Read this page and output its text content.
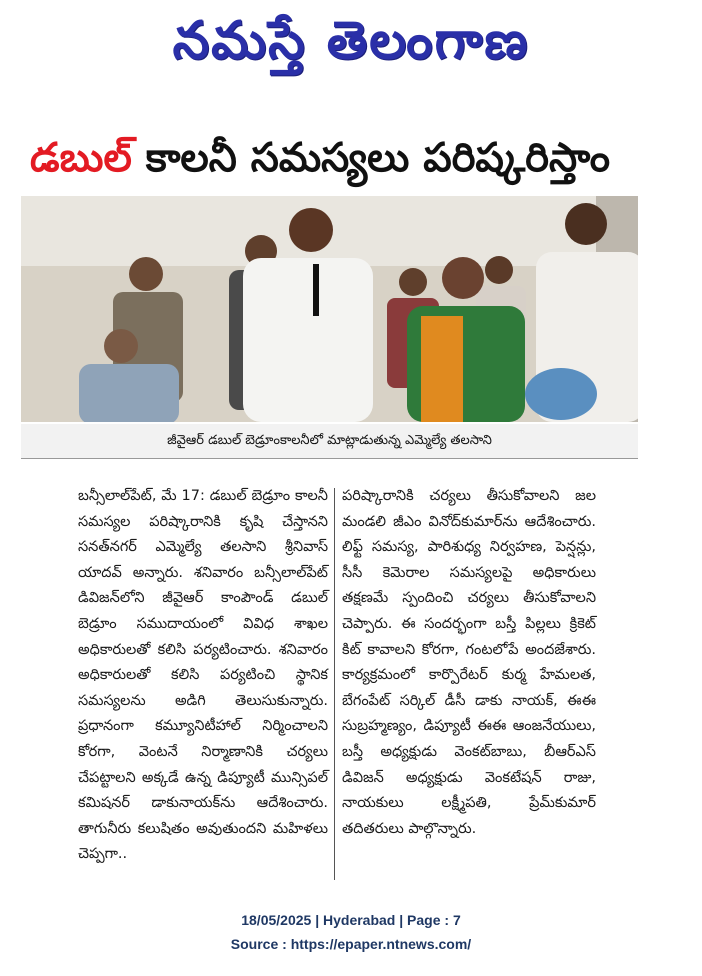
నమస్తే తెలంగాణ
డబుల్ కాలనీ సమస్యలు పరిష్కరిస్తాం
జీవైఆర్ డబుల్ బెడ్రూంకాలనీలో మాట్లాడుతున్న ఎమ్మెల్యే తలసాని
బన్సీలాల్‌పేట్, మే 17: డబుల్ బెడ్రూం కాలనీ సమస్యల పరిష్కారానికి కృషి చేస్తానని సనత్‌నగర్ ఎమ్మెల్యే తలసాని శ్రీనివాస్ యాదవ్ అన్నారు. శనివారం బన్సీలాల్‌పేట్ డివిజన్‌లోని జీవైఆర్ కాంపౌండ్ డబుల్ బెడ్రూం సముదాయంలో వివిధ శాఖల అధికారులతో కలిసి పర్యటించారు. శనివారం అధికారులతో కలిసి పర్యటించి స్థానిక సమస్యలను అడిగి తెలుసుకున్నారు. ప్రధానంగా కమ్యూనిటీహాల్ నిర్మించాలని కోరగా, వెంటనే నిర్మాణానికి చర్యలు చేపట్టాలని అక్కడే ఉన్న డిప్యూటీ మున్సిపల్ కమిషనర్ డాకునాయక్‌ను ఆదేశించారు. తాగునీరు కలుషితం అవుతుందని మహిళలు చెప్పగా..
పరిష్కారానికి చర్యలు తీసుకోవాలని జల మండలి జీఎం వినోద్‌కుమార్‌ను ఆదేశించారు. లిఫ్ట్ సమస్య, పారిశుధ్య నిర్వహణ, పెన్షన్లు, సీసీ కెమెరాల సమస్యలపై అధికారులు తక్షణమే స్పందించి చర్యలు తీసుకోవాలని చెప్పారు. ఈ సందర్భంగా బస్తీ పిల్లలు క్రికెట్ కిట్ కావాలని కోరగా, గంటలోపే అందజేశారు. కార్యక్రమంలో కార్పొరేటర్ కుర్మ హేమలత, బేగంపేట్ సర్కిల్ డీసీ డాకు నాయక్, ఈఈ సుబ్రహ్మణ్యం, డిప్యూటీ ఈఈ ఆంజనేయులు, బస్తీ అధ్యక్షుడు వెంకట్‌బాబు, బీఆర్ఎస్ డివిజన్ అధ్యక్షుడు వెంకటేషన్ రాజు, నాయకులు లక్ష్మీపతి, ప్రేమ్‌కుమార్ తదితరులు పాల్గొన్నారు.
18/05/2025 | Hyderabad | Page : 7
Source : https://epaper.ntnews.com/
